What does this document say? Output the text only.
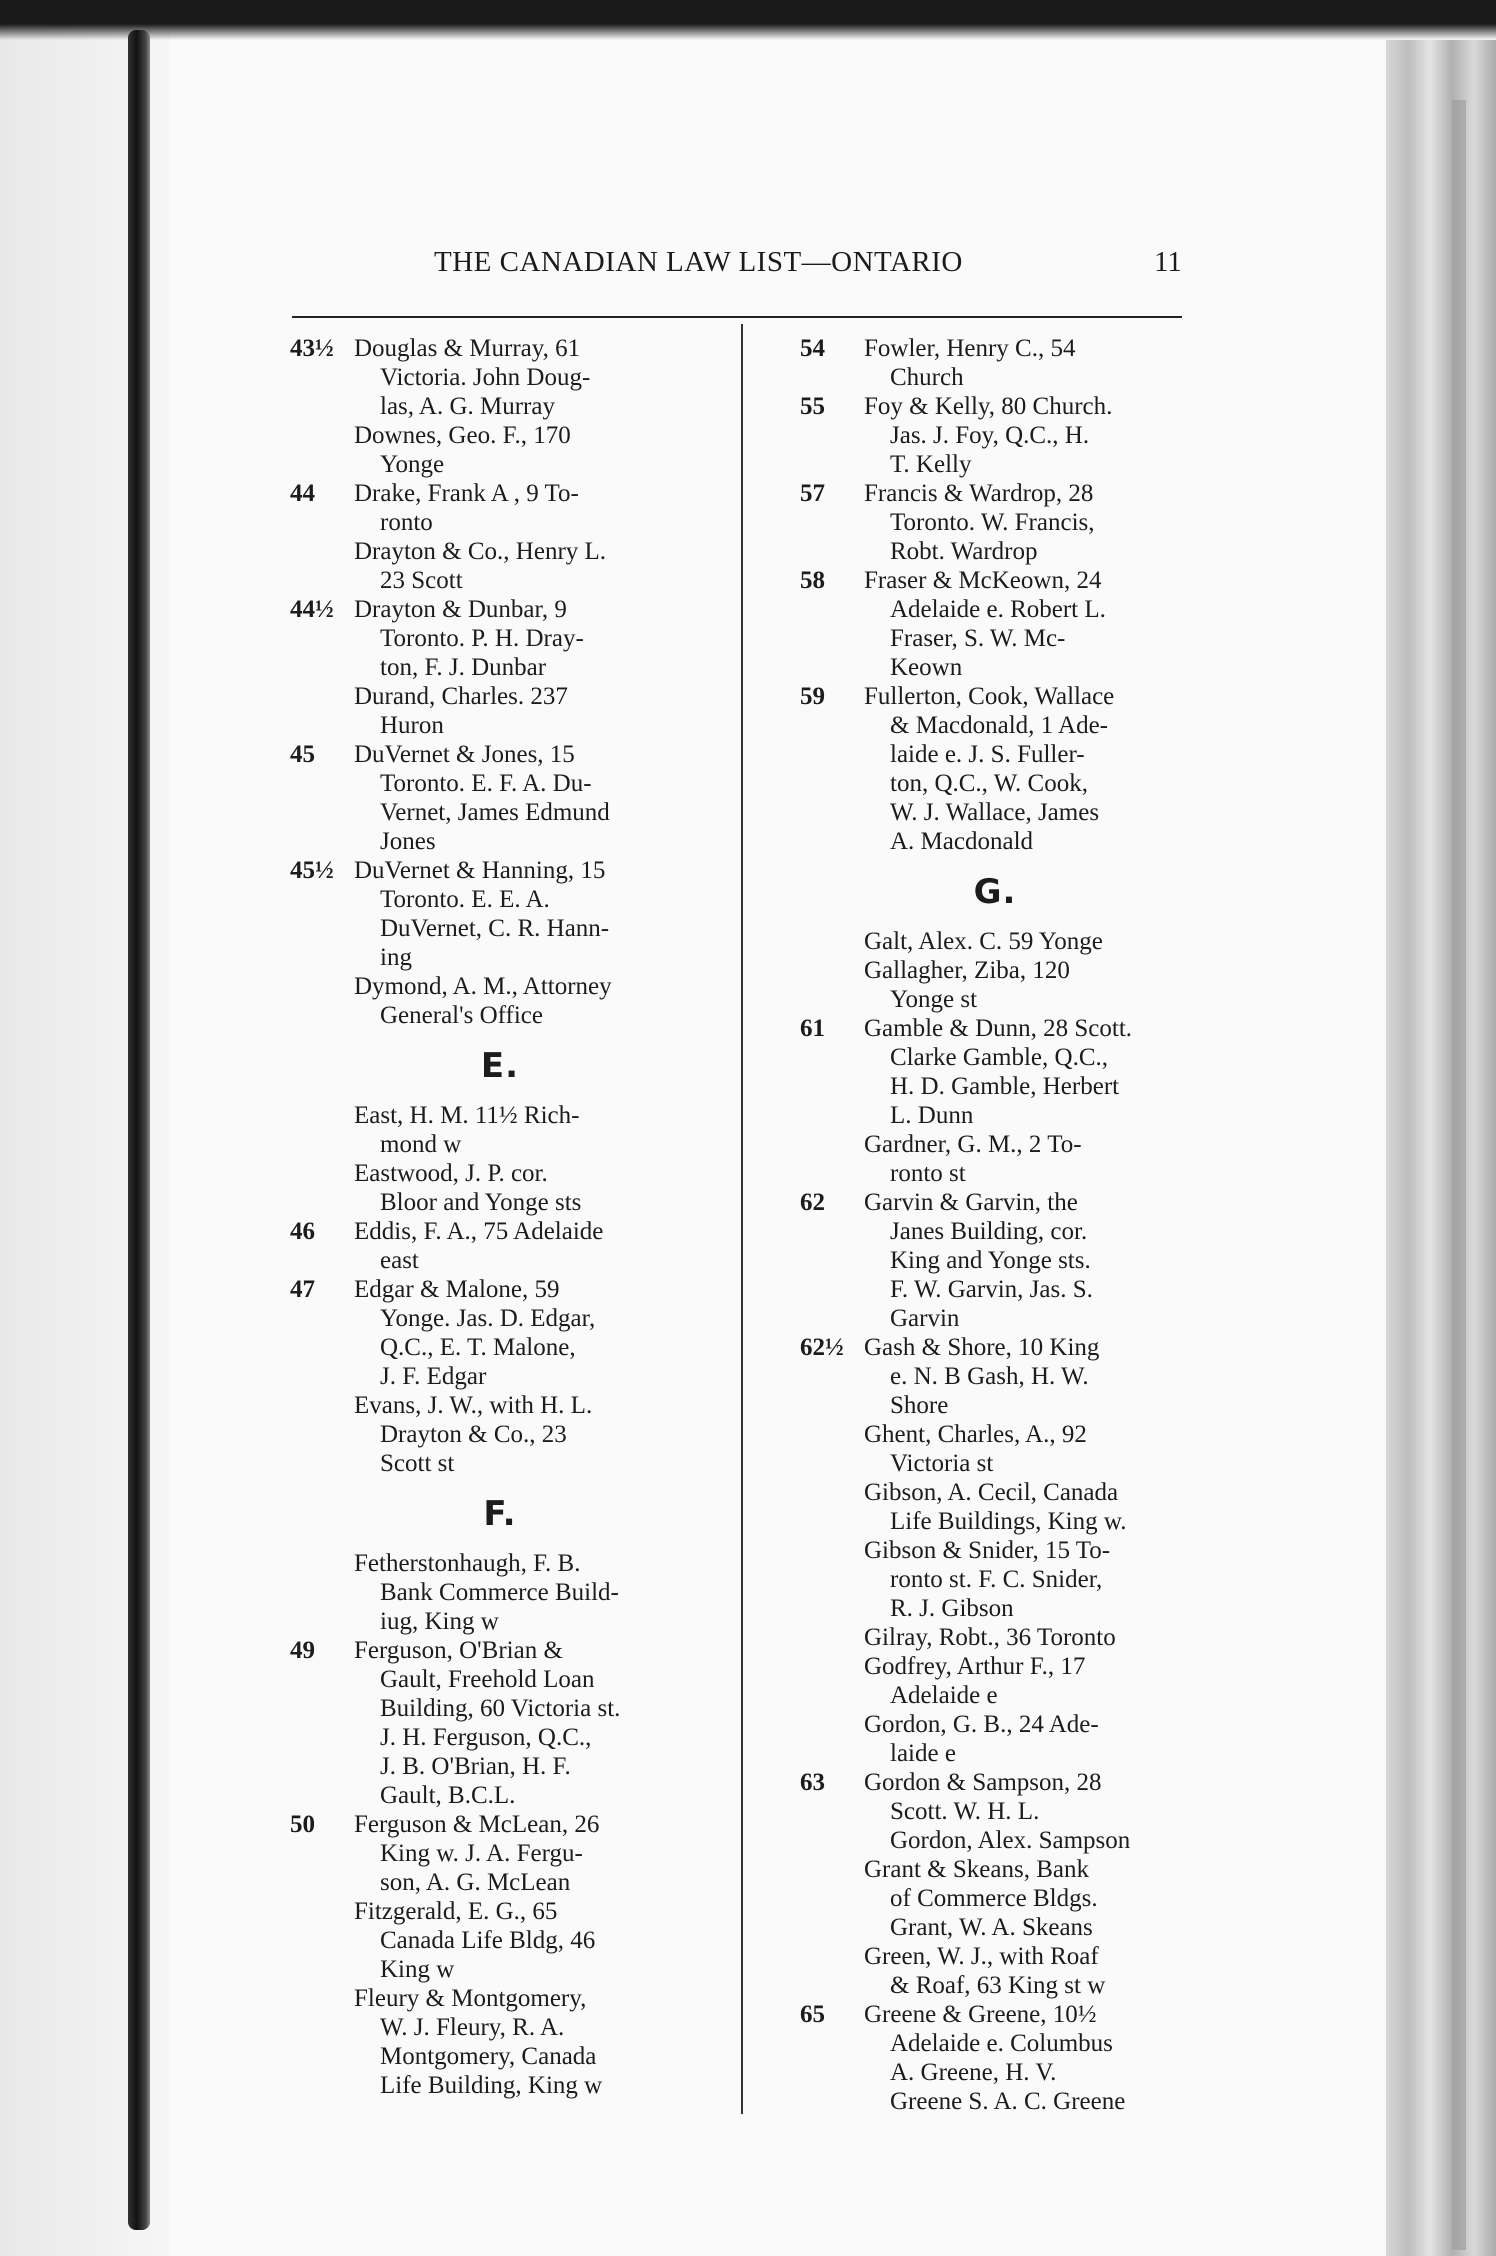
THE CANADIAN LAW LIST—ONTARIO	11
43½ Douglas & Murray, 61
Victoria. John Doug-
las, A. G. Murray
Downes, Geo. F., 170
Yonge
44	Drake, Frank A , 9 To-
ronto
Drayton & Co., Henry L.
23 Scott
44½ Drayton & Dunbar, 9
Toronto. P. H. Dray-
ton, F. J. Dunbar
Durand, Charles. 237
Huron
45	DuVernet & Jones, 15
Toronto. E. F. A. Du-
Vernet, James Edmund
Jones
45½ DuVernet & Hanning, 15
Toronto. E. E. A.
DuVernet, C. R. Hann-
ing
Dymond, A. M., Attorney
General's Office
E.
East, H. M. 11½ Rich-
mond w
Eastwood, J. P. cor.
Bloor and Yonge sts
46	Eddis, F. A., 75 Adelaide
east
47	Edgar & Malone, 59
Yonge. Jas. D. Edgar,
Q.C., E. T. Malone,
J. F. Edgar
Evans, J. W., with H. L.
Drayton & Co., 23
Scott st
F.
Fetherstonhaugh, F. B.
Bank Commerce Build-
iug, King w
49	Ferguson, O'Brian &
Gault, Freehold Loan
Building, 60 Victoria st.
J. H. Ferguson, Q.C.,
J. B. O'Brian, H. F.
Gault, B.C.L.
50	Ferguson & McLean, 26
King w. J. A. Fergu-
son, A. G. McLean
Fitzgerald, E. G., 65
Canada Life Bldg, 46
King w
Fleury & Montgomery,
W. J. Fleury, R. A.
Montgomery, Canada
Life Building, King w
54	Fowler, Henry C., 54
Church
55	Foy & Kelly, 80 Church.
Jas. J. Foy, Q.C., H.
T. Kelly
57	Francis & Wardrop, 28
Toronto. W. Francis,
Robt. Wardrop
58	Fraser & McKeown, 24
Adelaide e. Robert L.
Fraser, S. W. Mc-
Keown
59	Fullerton, Cook, Wallace
& Macdonald, 1 Ade-
laide e. J. S. Fuller-
ton, Q.C., W. Cook,
W. J. Wallace, James
A. Macdonald
G.
Galt, Alex. C. 59 Yonge
Gallagher, Ziba, 120
Yonge st
61	Gamble & Dunn, 28 Scott.
Clarke Gamble, Q.C.,
H. D. Gamble, Herbert
L. Dunn
Gardner, G. M., 2 To-
ronto st
62	Garvin & Garvin, the
Janes Building, cor.
King and Yonge sts.
F. W. Garvin, Jas. S.
Garvin
62½ Gash & Shore, 10 King
e. N. B Gash, H. W.
Shore
Ghent, Charles, A., 92
Victoria st
Gibson, A. Cecil, Canada
Life Buildings, King w.
Gibson & Snider, 15 To-
ronto st. F. C. Snider,
R. J. Gibson
Gilray, Robt., 36 Toronto
Godfrey, Arthur F., 17
Adelaide e
Gordon, G. B., 24 Ade-
laide e
63	Gordon & Sampson, 28
Scott. W. H. L.
Gordon, Alex. Sampson
Grant & Skeans, Bank
of Commerce Bldgs.
Grant, W. A. Skeans
Green, W. J., with Roaf
& Roaf, 63 King st w
65	Greene & Greene, 10½
Adelaide e. Columbus
A. Greene, H. V.
Greene S. A. C. Greene
